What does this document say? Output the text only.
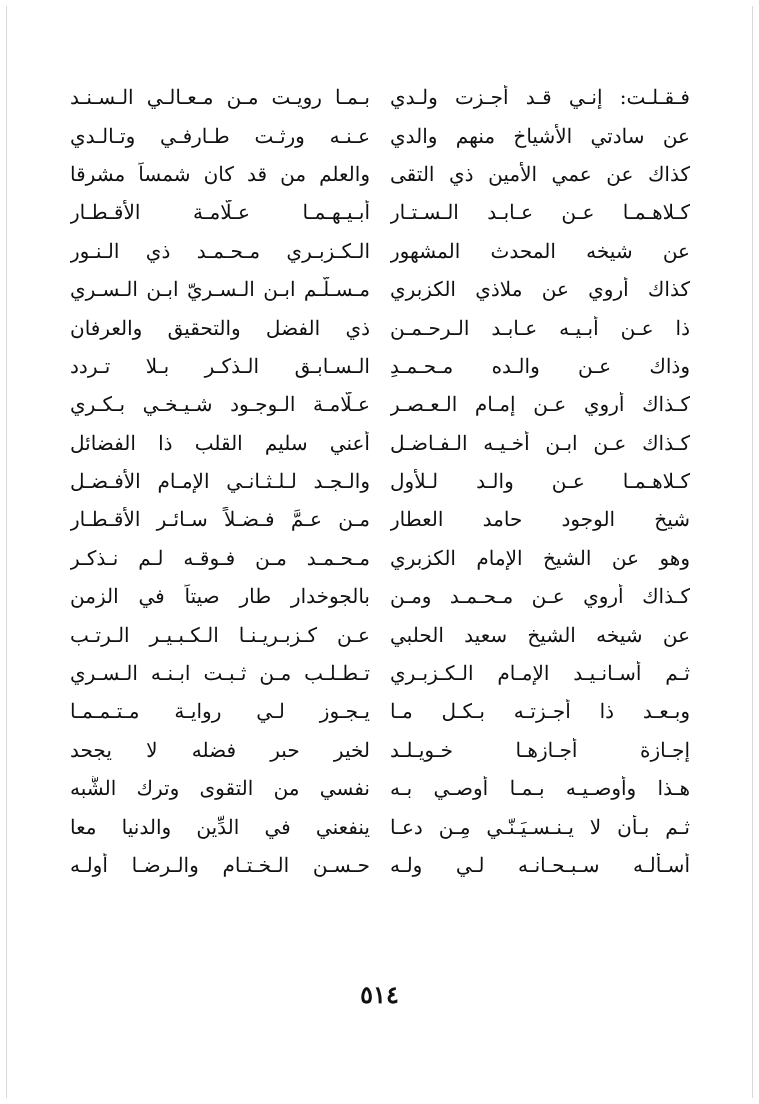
فـقـلـت: إنـي قـد أجـزت ولـدي
بـمـا رويـت مـن مـعـالـي الـسـنـد
عن سادتي الأشياخ منهم والدي
عـنـه ورثـت طـارفـي وتـالـدي
كذاك عن عمي الأمين ذي التقى
والعلم من قد كان شمساً مشرقا
كـلاهـمـا عـن عـابـد الـسـتـار
أبـيـهـمـا عـلّامـة الأقـطـار
عن شيخه المحدث المشهور
الـكـزبـري مـحـمـد ذي الـنـور
كذاك أروي عن ملاذي الكزبري
مـسـلّـم ابـن الـسـريّ ابـن الـسـري
ذا عـن أبـيـه عـابـد الـرحـمـن
ذي الفضل والتحقيق والعرفان
وذاك عـن والـده مـحـمـدِ
الـسـابـق الـذكـر بـلا تـردد
كـذاك أروي عـن إمـام الـعـصـرِ
عـلّامـة الـوجـود شـيـخـي بـكـري
كـذاك عـن ابـن أخـيـه الـفـاضـل
أعني سليم القلب ذا الفضائل
كـلاهـمـا عـن والـد لـلأول
والـجـد لـلـثـانـي الإمـام الأفـضـل
شيخ الوجود حامد العطار
مـن عـمَّ فـضـلاً سـائـر الأقـطـار
وهو عن الشيخ الإمام الكزبري
مـحـمـد مـن فـوقـه لـم نـذكـر
كـذاك أروي عـن مـحـمـد ومـن
بالجوخدار طار صيتاً في الزمن
عن شيخه الشيخ سعيد الحلبي
عـن كـزبـريـنـا الـكـبـيـر الـرتـب
ثـم أسـانـيـد الإمـام الـكـزبـري
تـطـلـب مـن ثـبـت ابـنـه الـسـري
وبـعـد ذا أجـزتـه بـكـل مـا
يـجـوز لـي روايـة مـتـمـمـا
إجـازة أجـازهـا خـويـلـد
لخير حبر فضله لا يجحد
هـذا وأوصـيـه بـمـا أوصـي بـه
نفسي من التقوى وترك الشُّبه
ثـم بـأن لا يـنـسـيَـنّـي مِـن دعـا
ينفعني في الدِّين والدنيا معا
أسـألـه سـبـحـانـه لـي ولـه
حـسـن الـخـتـام والـرضـا أولـه
٥١٤
